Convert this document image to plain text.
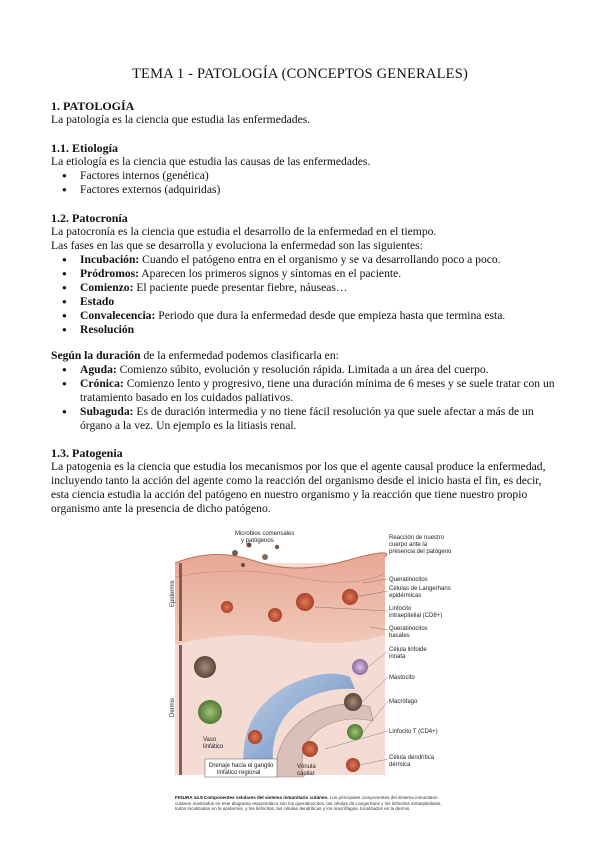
TEMA 1 - PATOLOGÍA (CONCEPTOS GENERALES)
1. PATOLOGÍA
La patología es la ciencia que estudia las enfermedades.
1.1. Etiología
La etiología es la ciencia que estudia las causas de las enfermedades.
● Factores internos (genética)
● Factores externos (adquiridas)
1.2. Patocronía
La patocronía es la ciencia que estudia el desarrollo de la enfermedad en el tiempo.
Las fases en las que se desarrolla y evoluciona la enfermedad son las siguientes:
● Incubación: Cuando el patógeno entra en el organismo y se va desarrollando poco a poco.
● Pródromos: Aparecen los primeros signos y síntomas en el paciente.
● Comienzo: El paciente puede presentar fiebre, náuseas…
● Estado
● Convalecencia: Periodo que dura la enfermedad desde que empieza hasta que termina esta.
● Resolución
Según la duración de la enfermedad podemos clasificarla en:
● Aguda: Comienzo súbito, evolución y resolución rápida. Limitada a un área del cuerpo.
● Crónica: Comienzo lento y progresivo, tiene una duración mínima de 6 meses y se suele tratar con un tratamiento basado en los cuidados paliativos.
● Subaguda: Es de duración intermedia y no tiene fácil resolución ya que suele afectar a más de un órgano a la vez. Un ejemplo es la litiasis renal.
1.3. Patogenia
La patogenia es la ciencia que estudia los mecanismos por los que el agente causal produce la enfermedad, incluyendo tanto la acción del agente como la reacción del organismo desde el inicio hasta el fin, es decir, esta ciencia estudia la acción del patógeno en nuestro organismo y la reacción que tiene nuestro propio organismo ante la presencia de dicho patógeno.
Epidermis
Dermis
Microbios comensales
y patógenos	Reacción de nuestro
cuerpo ante la
presencia del patógeno
Queratinocitos
Células de Langerhans
epidérmicas
Linfocito
intraepitelial (CD8+)
Queratinocitos
basales
Célula linfoide
innata
Mastocito
Macrófago
Linfocito T (CD4+)
Célula dendrítica
dérmica
Vaso
linfático
Vénula
capilar
Drenaje hacia el ganglio
linfático regional
FIGURA 14.9 Componentes celulares del sistema inmunitario cutáneo. Los principales componentes del sistema inmunitario cutáneo mostrados en este diagrama esquemático son los queratinocitos, las células de Langerhans y los linfocitos intraepiteliales, todos localizados en la epidermis, y los linfocitos, las células dendríticas y los macrófagos, localizados en la dermis.
